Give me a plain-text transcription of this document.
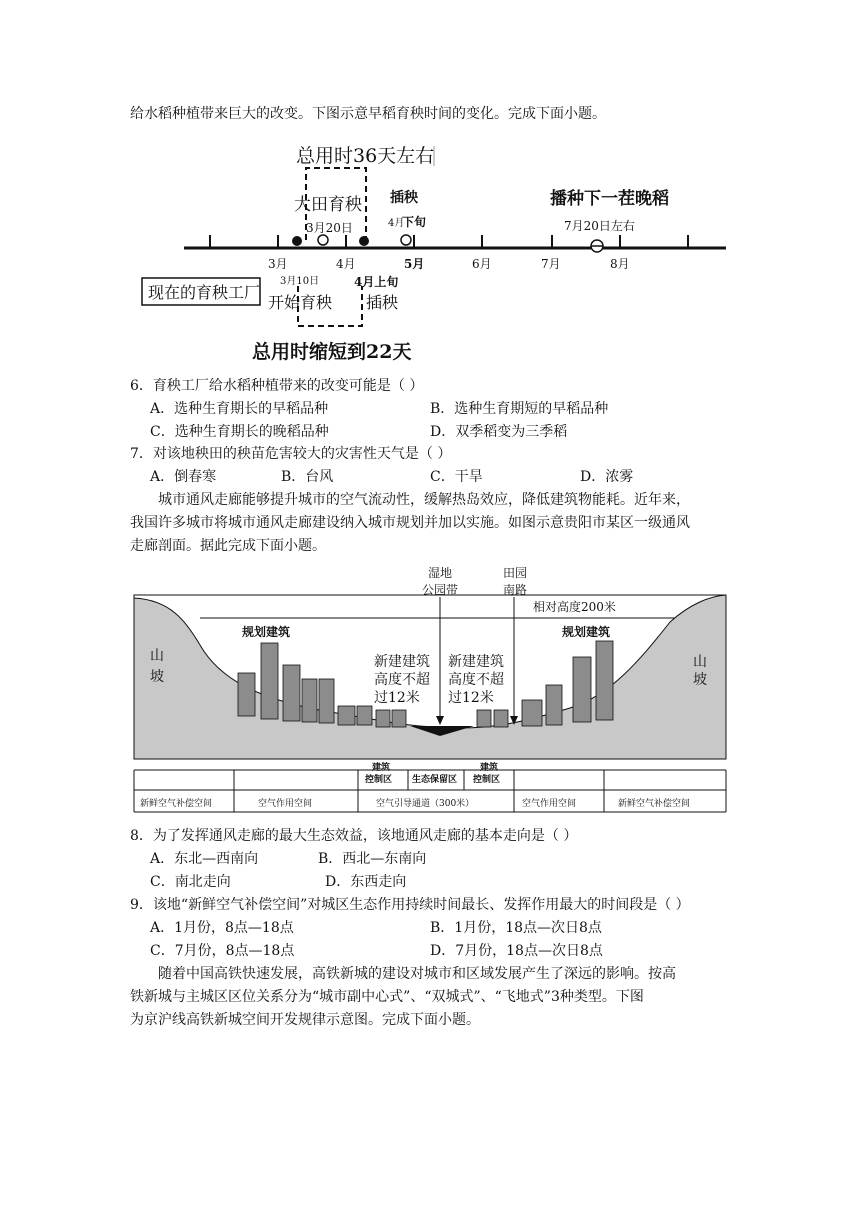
给水稻种植带来巨大的改变。下图示意早稻育秧时间的变化。完成下面小题。
总用时36天左右
大田育秧
3月20日
插秧
4月
下旬
播种下一茬晚稻
7月20日左右
3月	4月	5月	6月	7月	8月
现在的育秧工厂
3月10日	4月上旬
开始育秧 插秧
总用时缩短到22天
6．育秧工厂给水稻种植带来的改变可能是（ ）
A．选种生育期长的早稻品种	B．选种生育期短的早稻品种
C．选种生育期长的晚稻品种	D．双季稻变为三季稻
7．对该地秧田的秧苗危害较大的灾害性天气是（ ）
A．倒春寒	B．台风	C．干旱	D．浓雾
城市通风走廊能够提升城市的空气流动性，缓解热岛效应，降低建筑物能耗。近年来，
我国许多城市将城市通风走廊建设纳入城市规划并加以实施。如图示意贵阳市某区一级通风
走廊剖面。据此完成下面小题。
湿地
公园带
田园
南路
相对高度200米
规划建筑	规划建筑
山
坡
山
坡
新建建筑
高度不超
过12米
新建建筑
高度不超
过12米
建筑
控制区 生态保留区
建筑
控制区
新鲜空气补偿空间	空气作用空间	空气引导通道（300米）	空气作用空间	新鲜空气补偿空间
8．为了发挥通风走廊的最大生态效益，该地通风走廊的基本走向是（ ）
A．东北—西南向	B．西北—东南向
C．南北走向	D．东西走向
9．该地“新鲜空气补偿空间”对城区生态作用持续时间最长、发挥作用最大的时间段是（ ）
A．1月份，8点—18点	B．1月份，18点—次日8点
C．7月份，8点—18点	D．7月份，18点—次日8点
随着中国高铁快速发展，高铁新城的建设对城市和区域发展产生了深远的影响。按高
铁新城与主城区区位关系分为“城市副中心式”、“双城式”、“飞地式”3种类型。下图
为京沪线高铁新城空间开发规律示意图。完成下面小题。
